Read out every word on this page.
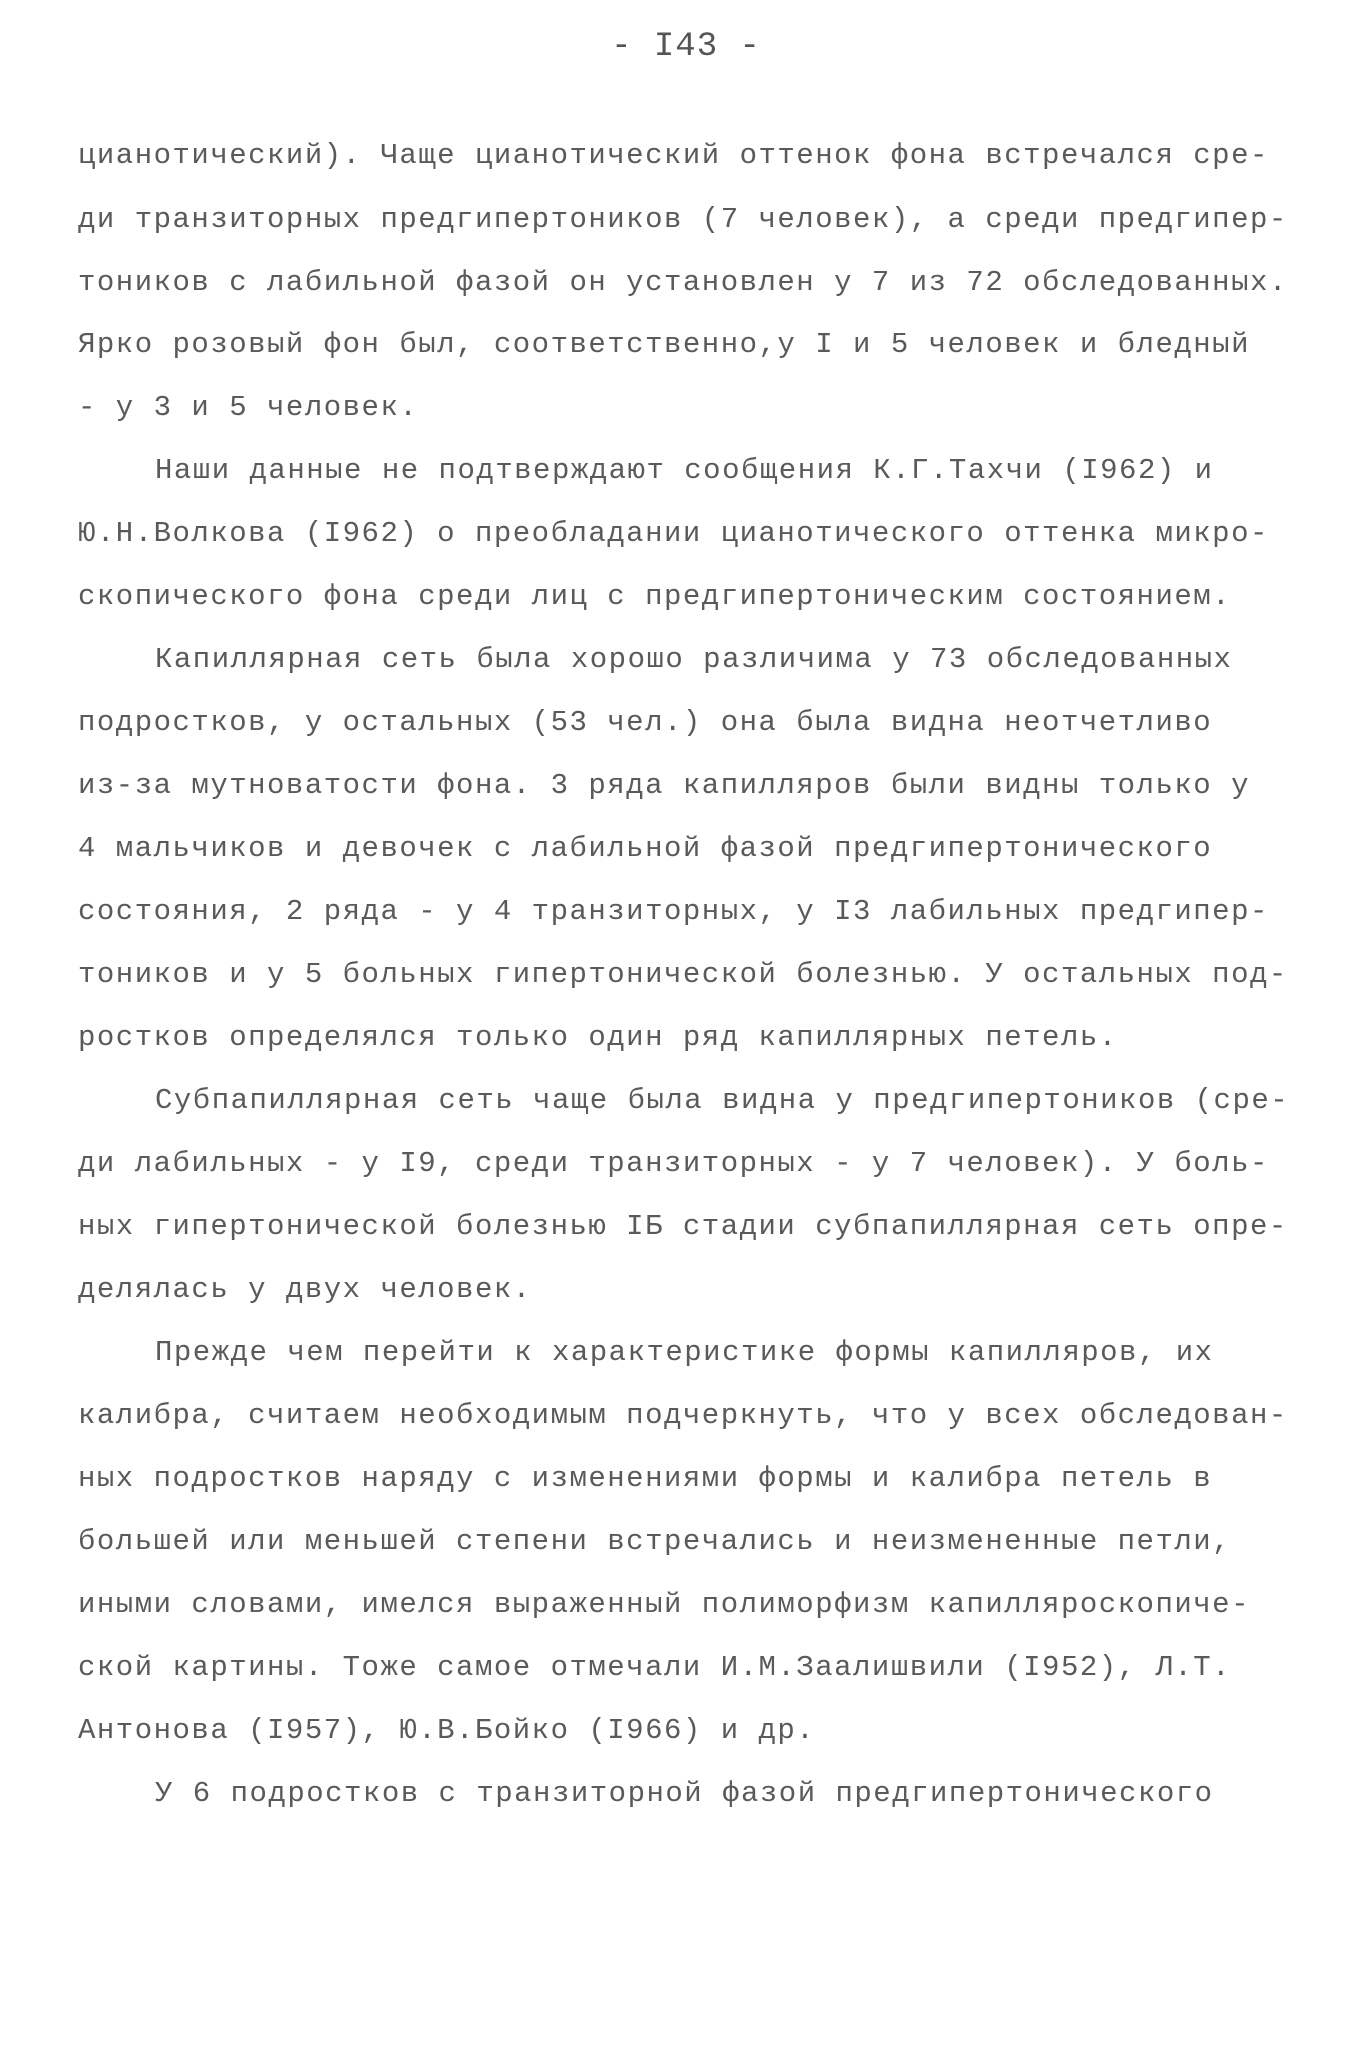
- I43 -
цианотический). Чаще цианотический оттенок фона встречался сре-
ди транзиторных предгипертоников (7 человек), а среди предгипер-
тоников с лабильной фазой он установлен у 7 из 72 обследованных.
Ярко розовый фон был, соответственно,у I и 5 человек и бледный
- у 3 и 5 человек.
Наши данные не подтверждают сообщения К.Г.Тахчи (I962) и
Ю.Н.Волкова (I962) о преобладании цианотического оттенка микро-
скопического фона среди лиц с предгипертоническим состоянием.
Капиллярная сеть была хорошо различима у 73 обследованных
подростков, у остальных (53 чел.) она была видна неотчетливо
из-за мутноватости фона. 3 ряда капилляров были видны только у
4 мальчиков и девочек с лабильной фазой предгипертонического
состояния, 2 ряда - у 4 транзиторных, у I3 лабильных предгипер-
тоников и у 5 больных гипертонической болезнью. У остальных под-
ростков определялся только один ряд капиллярных петель.
Субпапиллярная сеть чаще была видна у предгипертоников (сре-
ди лабильных - у I9, среди транзиторных - у 7 человек). У боль-
ных гипертонической болезнью IБ стадии субпапиллярная сеть опре-
делялась у двух человек.
Прежде чем перейти к характеристике формы капилляров, их
калибра, считаем необходимым подчеркнуть, что у всех обследован-
ных подростков наряду с изменениями формы и калибра петель в
большей или меньшей степени встречались и неизмененные петли,
иными словами, имелся выраженный полиморфизм капилляроскопиче-
ской картины. Тоже самое отмечали И.М.Заалишвили (I952), Л.Т.
Антонова (I957), Ю.В.Бойко (I966) и др.
У 6 подростков с транзиторной фазой предгипертонического
